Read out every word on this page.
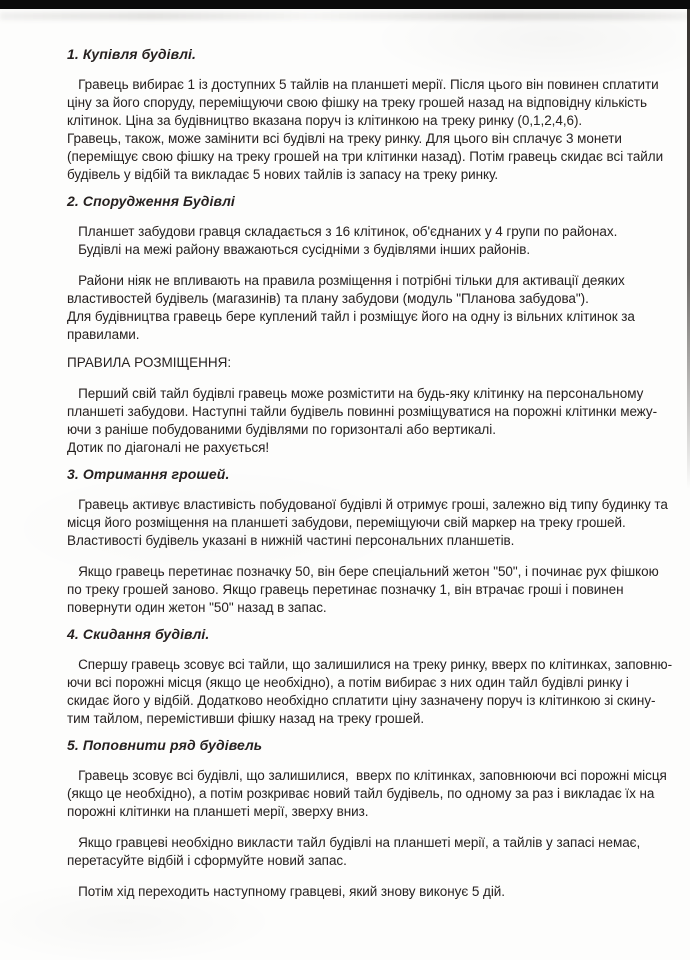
1. Купівля будівлі.
Гравець вибирає 1 із доступних 5 тайлів на планшеті мерії. Після цього він повинен сплатити
ціну за його споруду, переміщуючи свою фішку на треку грошей назад на відповідну кількість
клітинок. Ціна за будівництво вказана поруч із клітинкою на треку ринку (0,1,2,4,6).
Гравець, також, може замінити всі будівлі на треку ринку. Для цього він сплачує 3 монети
(переміщує свою фішку на треку грошей на три клітинки назад). Потім гравець скидає всі тайли
будівель у відбій та викладає 5 нових тайлів із запасу на треку ринку.
2. Спорудження Будівлі
Планшет забудови гравця складається з 16 клітинок, об'єднаних у 4 групи по районах.
Будівлі на межі району вважаються сусідніми з будівлями інших районів.
Райони ніяк не впливають на правила розміщення і потрібні тільки для активації деяких
властивостей будівель (магазинів) та плану забудови (модуль "Планова забудова").
Для будівництва гравець бере куплений тайл і розміщує його на одну із вільних клітинок за
правилами.
ПРАВИЛА РОЗМІЩЕННЯ:
Перший свій тайл будівлі гравець може розмістити на будь-яку клітинку на персональному
планшеті забудови. Наступні тайли будівель повинні розміщуватися на порожні клітинки межу-
ючи з раніше побудованими будівлями по горизонталі або вертикалі.
Дотик по діагоналі не рахується!
3. Отримання грошей.
Гравець активує властивість побудованої будівлі й отримує гроші, залежно від типу будинку та
місця його розміщення на планшеті забудови, переміщуючи свій маркер на треку грошей.
Властивості будівель указані в нижній частині персональних планшетів.
Якщо гравець перетинає позначку 50, він бере спеціальний жетон "50", і починає рух фішкою
по треку грошей заново. Якщо гравець перетинає позначку 1, він втрачає гроші і повинен
повернути один жетон "50" назад в запас.
4. Скидання будівлі.
Спершу гравець зсовує всі тайли, що залишилися на треку ринку, вверх по клітинках, заповню-
ючи всі порожні місця (якщо це необхідно), а потім вибирає з них один тайл будівлі ринку і
скидає його у відбій. Додатково необхідно сплатити ціну зазначену поруч із клітинкою зі скину-
тим тайлом, перемістивши фішку назад на треку грошей.
5. Поповнити ряд будівель
Гравець зсовує всі будівлі, що залишилися,  вверх по клітинках, заповнюючи всі порожні місця
(якщо це необхідно), а потім розкриває новий тайл будівель, по одному за раз і викладає їх на
порожні клітинки на планшеті мерії, зверху вниз.
Якщо гравцеві необхідно викласти тайл будівлі на планшеті мерії, а тайлів у запасі немає,
перетасуйте відбій і сформуйте новий запас.
Потім хід переходить наступному гравцеві, який знову виконує 5 дій.
